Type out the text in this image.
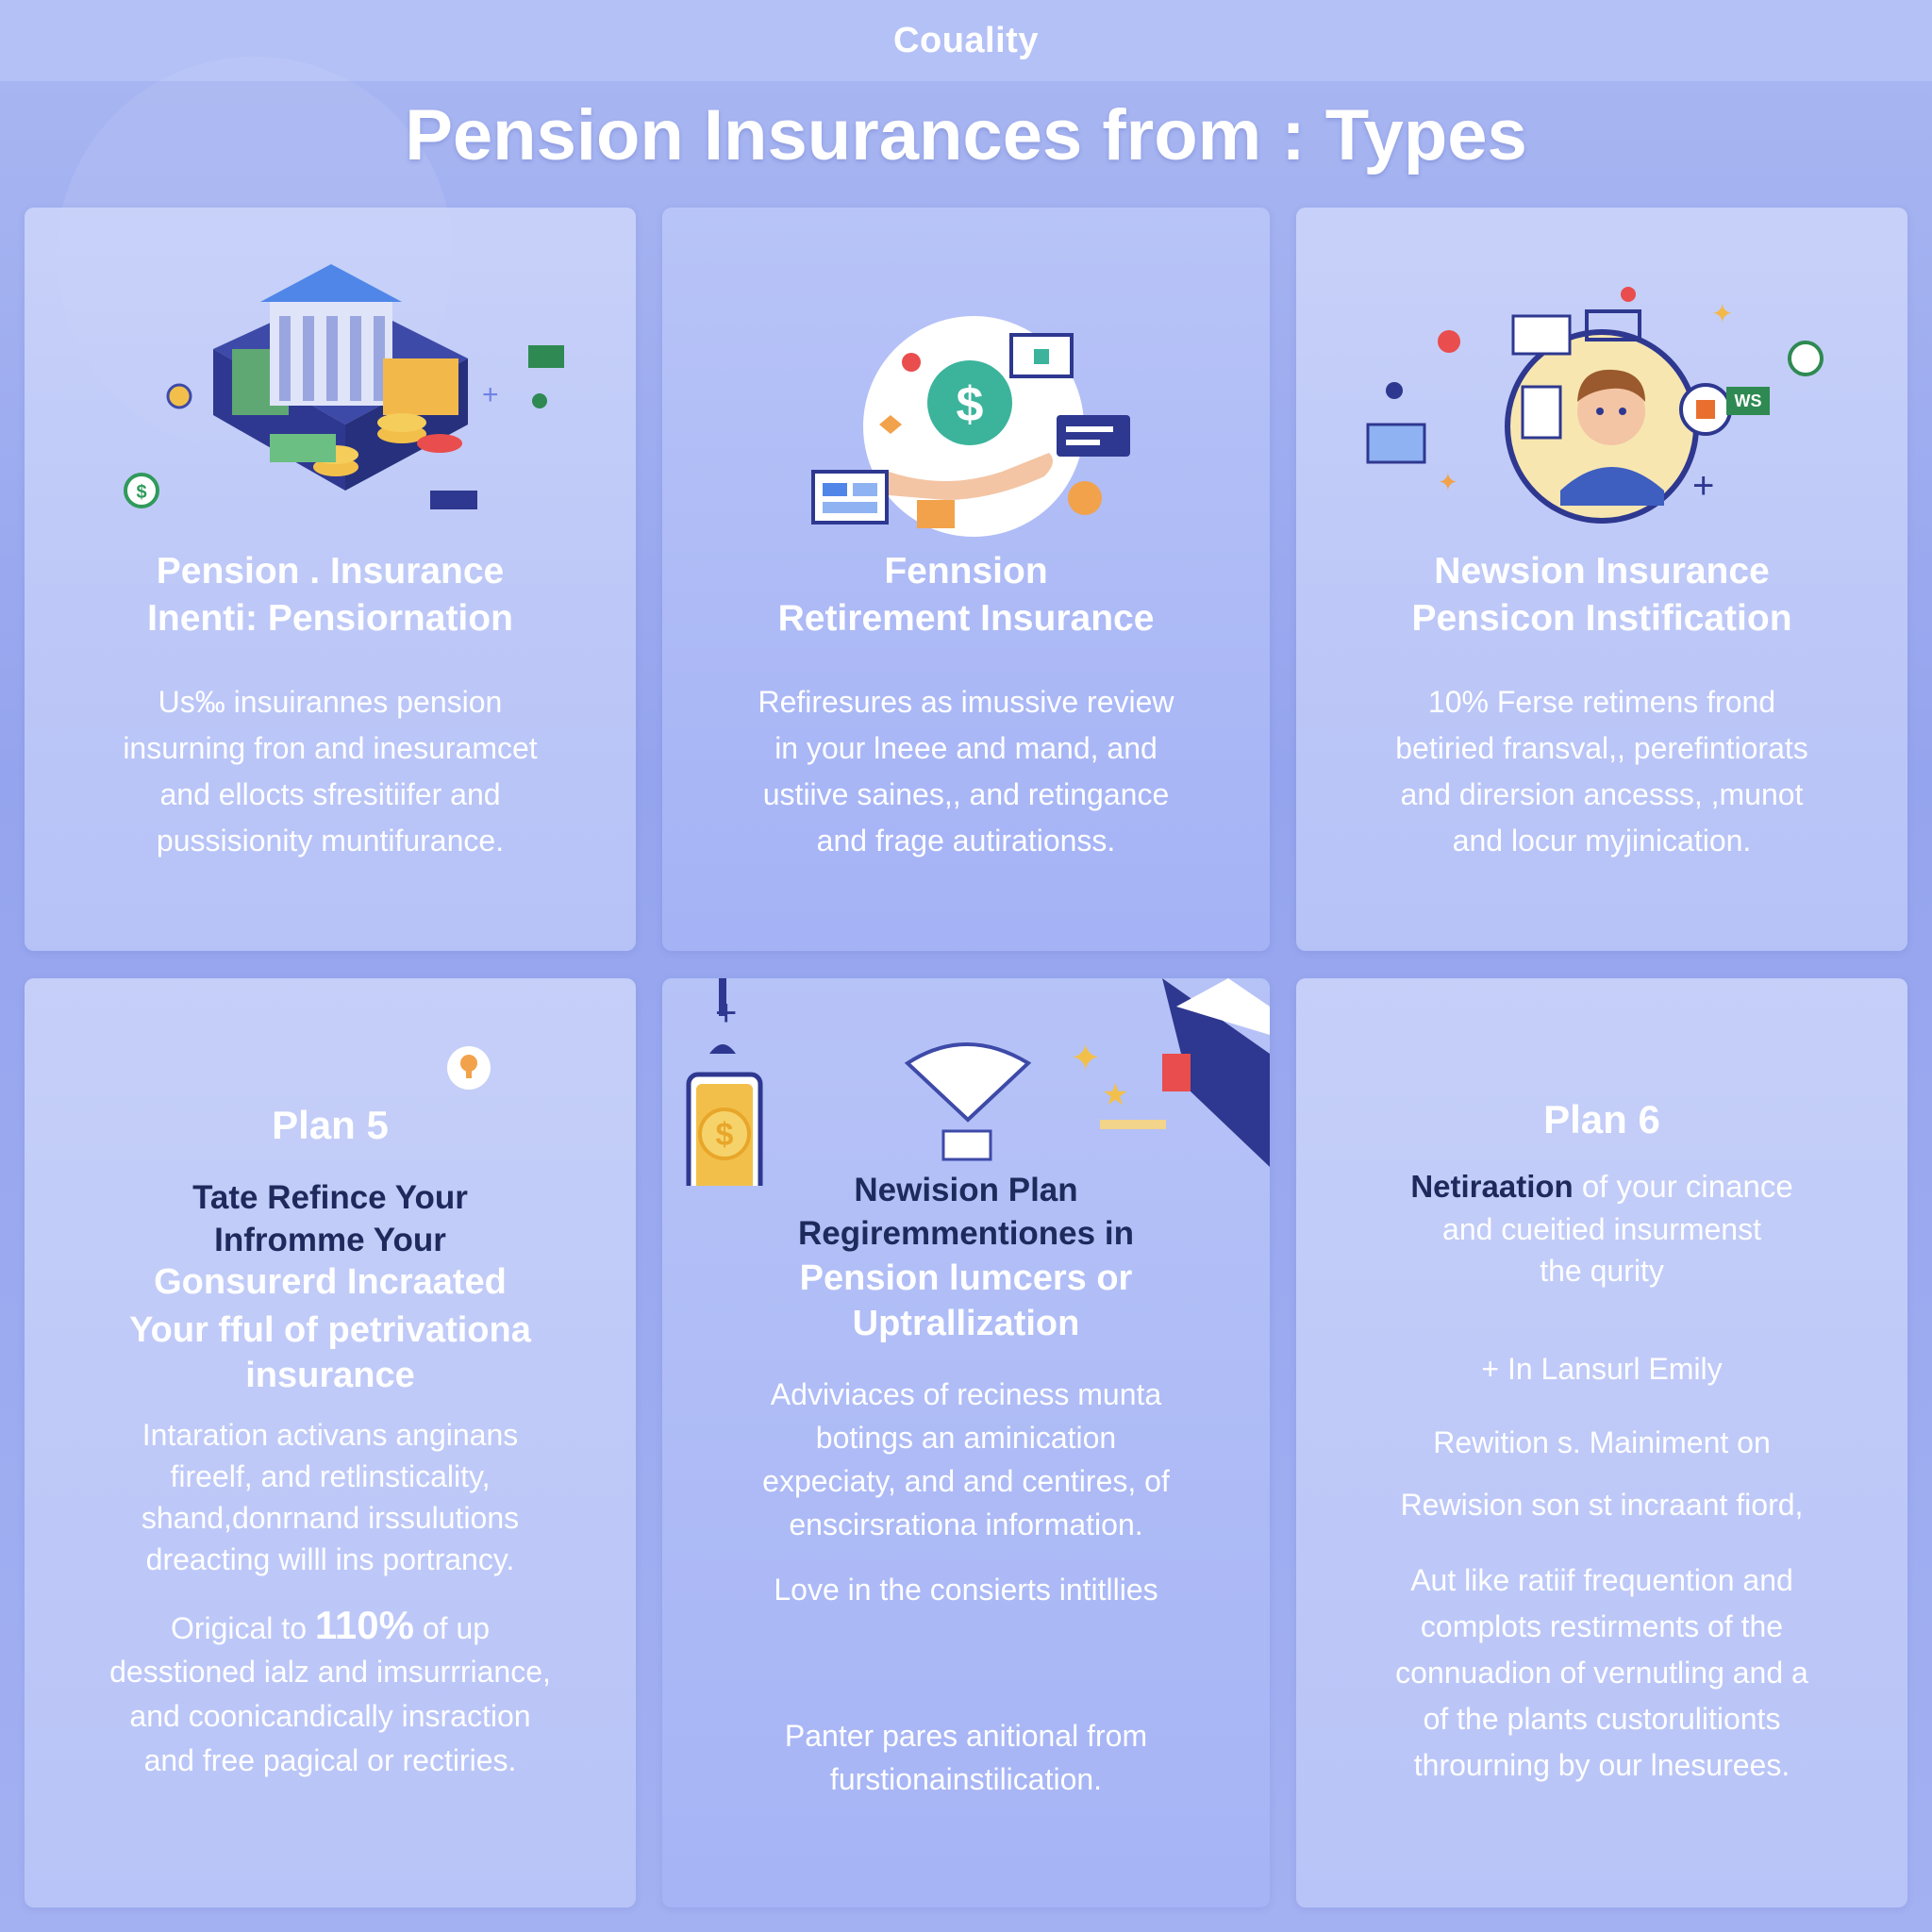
Couality
Pension Insurances from : Types
$
+
Pension . Insurance
Inenti: Pensiornation
Us‰ insuirannes pension
insurning fron and inesuramcet
and ellocts sfresitiifer and
pussisionity muntifurance.
$
Fennsion
Retirement Insurance
Refiresures as imussive review
in your lneee and mand, and
ustiive saines,, and retingance
and frage autirationss.
WS
✦
✦	+
Newsion Insurance
Pensicon Instification
10% Ferse retimens frond
betiried fransval,, perefintiorats
and dirersion ancesss, ,munot
and locur myjinication.
Plan 5
Tate Refince Your
Infromme Your
Gonsurerd Incraated
Your fful of petrivationa
insurance
Intaration activans anginans
fireelf, and retlinsticality,
shand,donrnand irssulutions
dreacting willl ins portrancy.
Origical to 110% of up
desstioned ialz and imsurrriance,
and coonicandically insraction
and free pagical or rectiries.
+
$
✦
★
Newision Plan
Regiremmentiones in
Pension lumcers or
Uptrallization
Adviviaces of reciness munta
botings an aminication
expeciaty, and and centires, of
enscirsrationa information.
Love in the consierts intitllies
Panter pares anitional from
furstionainstilication.
Plan 6
Netiraation of your cinance
and cueitied insurmenst
the qurity
+ In Lansurl Emily
Rewition s. Mainiment on
Rewision son st incraant fiord,
Aut like ratiif frequention and
complots restirments of the
connuadion of vernutling and a
of the plants custorulitionts
throurning by our lnesurees.
